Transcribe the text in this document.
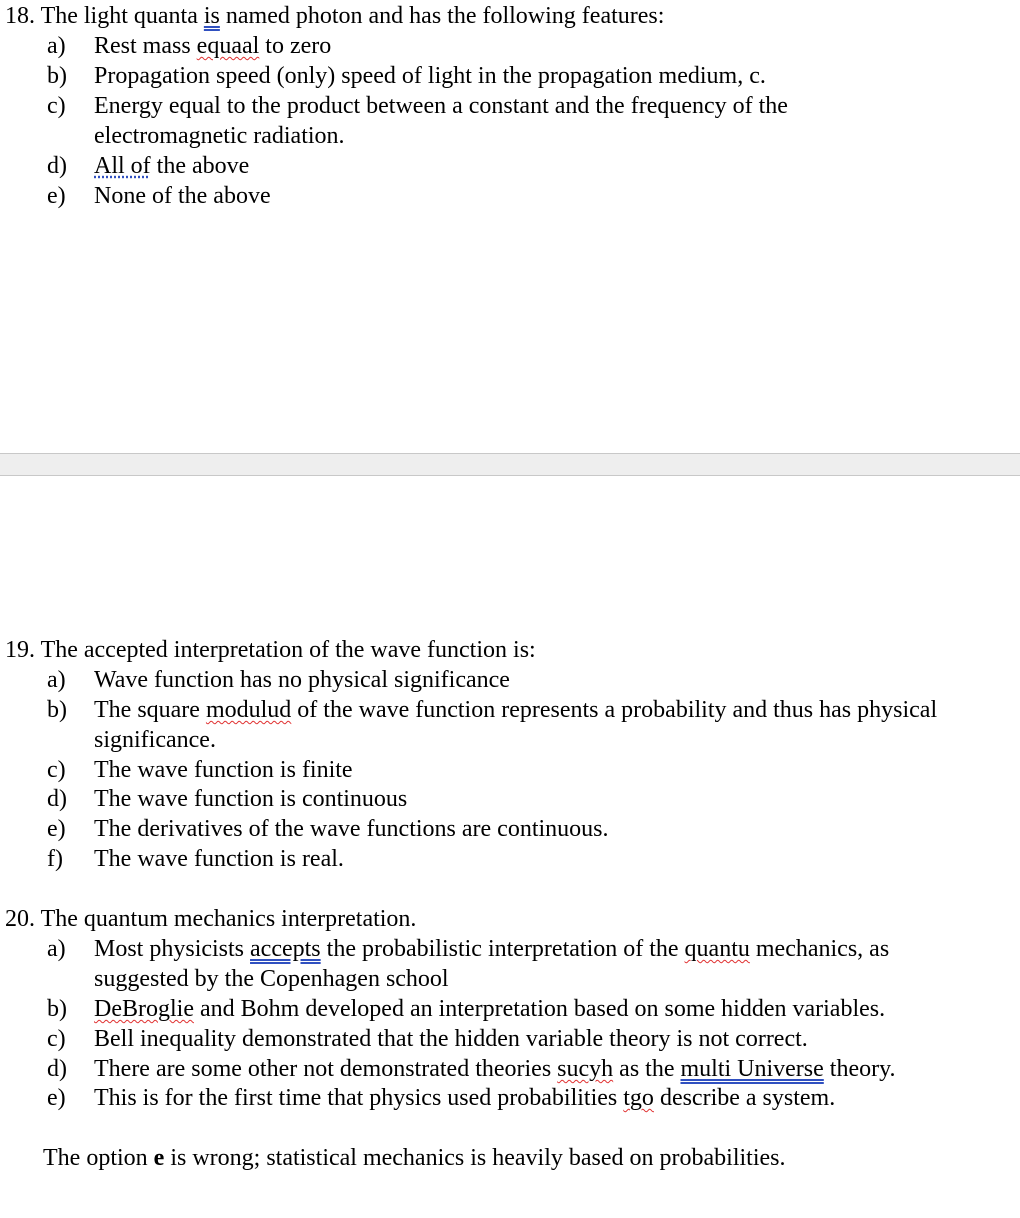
18. The light quanta is named photon and has the following features:
a)	Rest mass equaal to zero
b)	Propagation speed (only) speed of light in the propagation medium, c.
c)	Energy equal to the product between a constant and the frequency of the
electromagnetic radiation.
d)	All of the above
e)	None of the above
19. The accepted interpretation of the wave function is:
a)	Wave function has no physical significance
b)	The square modulud of the wave function represents a probability and thus has physical
significance.
c)	The wave function is finite
d)	The wave function is continuous
e)	The derivatives of the wave functions are continuous.
f)	The wave function is real.
20. The quantum mechanics interpretation.
a)	Most physicists accepts the probabilistic interpretation of the quantu mechanics, as
suggested by the Copenhagen school
b)	DeBroglie and Bohm developed an interpretation based on some hidden variables.
c)	Bell inequality demonstrated that the hidden variable theory is not correct.
d)	There are some other not demonstrated theories sucyh as the multi Universe theory.
e)	This is for the first time that physics used probabilities tgo describe a system.
The option e is wrong; statistical mechanics is heavily based on probabilities.
